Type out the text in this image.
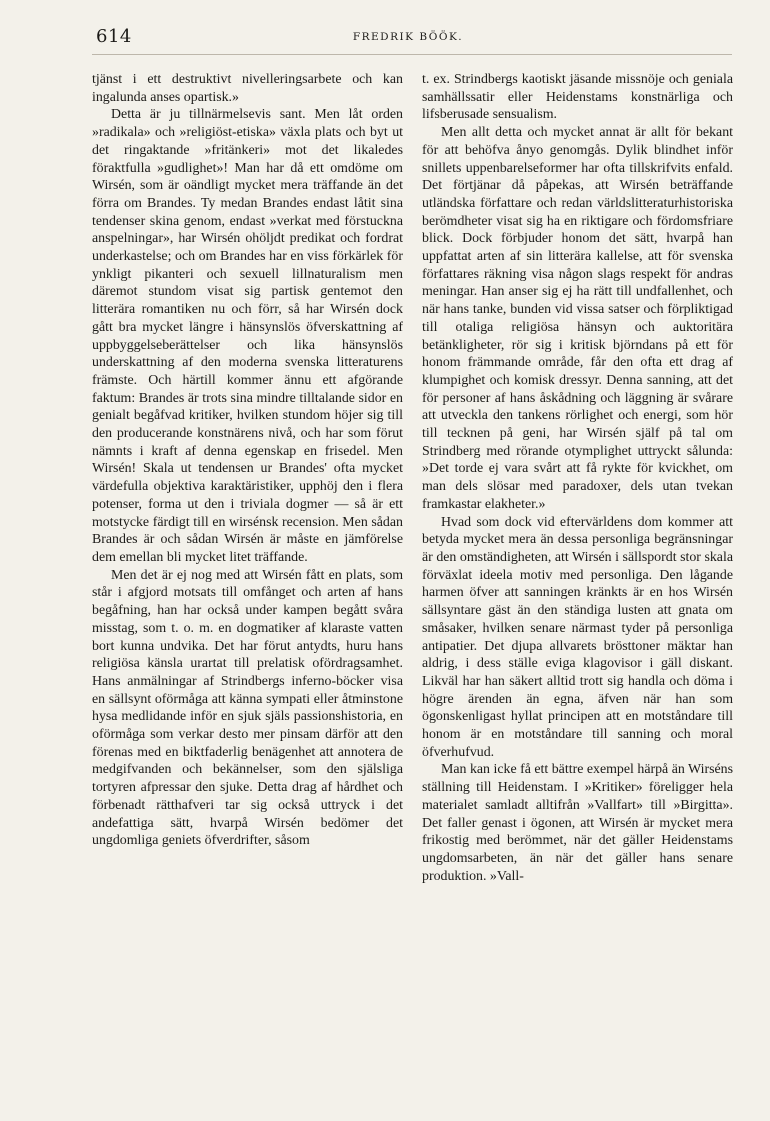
614	FREDRIK BÖÖK.

tjänst i ett destruktivt nivelleringsarbete och kan ingalunda anses opartisk.»

Detta är ju tillnärmelsevis sant. Men låt orden »radikala» och »religiöst-etiska» växla plats och byt ut det ringaktande »fritänkeri» mot det likaledes föraktfulla »gudlighet»! Man har då ett omdöme om Wirsén, som är oändligt mycket mera träffande än det förra om Brandes. Ty medan Brandes endast låtit sina tendenser skina genom, endast »verkat med förstuckna anspelningar», har Wirsén ohöljdt predikat och fordrat underkastelse; och om Brandes har en viss förkärlek för ynkligt pikanteri och sexuell lillnaturalism men däremot stundom visat sig partisk gentemot den litterära romantiken nu och förr, så har Wirsén dock gått bra mycket längre i hänsynslös öfverskattning af uppbyggelseberättelser och lika hänsynslös underskattning af den moderna svenska litteraturens främste. Och härtill kommer ännu ett afgörande faktum: Brandes är trots sina mindre tilltalande sidor en genialt begåfvad kritiker, hvilken stundom höjer sig till den producerande konstnärens nivå, och har som förut nämnts i kraft af denna egenskap en frisedel. Men Wirsén! Skala ut tendensen ur Brandes' ofta mycket värdefulla objektiva karaktäristiker, upphöj den i flera potenser, forma ut den i triviala dogmer — så är ett motstycke färdigt till en wirsénsk recension. Men sådan Brandes är och sådan Wirsén är måste en jämförelse dem emellan bli mycket litet träffande.

Men det är ej nog med att Wirsén fått en plats, som står i afgjord motsats till omfånget och arten af hans begåfning, han har också under kampen begått svåra misstag, som t. o. m. en dogmatiker af klaraste vatten bort kunna undvika. Det har förut antydts, huru hans religiösa känsla urartat till prelatisk ofördragsamhet. Hans anmälningar af Strindbergs inferno-böcker visa en sällsynt oförmåga att känna sympati eller åtminstone hysa medlidande inför en sjuk själs passionshistoria, en oförmåga som verkar desto mer pinsam därför att den förenas med en biktfaderlig benägenhet att annotera de medgifvanden och bekännelser, som den själsliga tortyren afpressar den sjuke. Detta drag af hårdhet och förbenadt rätthafveri tar sig också uttryck i det andefattiga sätt, hvarpå Wirsén bedömer det ungdomliga geniets öfverdrifter, såsom

t. ex. Strindbergs kaotiskt jäsande missnöje och geniala samhällssatir eller Heidenstams konstnärliga och lifsberusade sensualism.

Men allt detta och mycket annat är allt för bekant för att behöfva ånyo genomgås. Dylik blindhet inför snillets uppenbarelseformer har ofta tillskrifvits enfald. Det förtjänar då påpekas, att Wirsén beträffande utländska författare och redan världslitteraturhistoriska berömdheter visat sig ha en riktigare och fördomsfriare blick. Dock förbjuder honom det sätt, hvarpå han uppfattat arten af sin litterära kallelse, att för svenska författares räkning visa någon slags respekt för andras meningar. Han anser sig ej ha rätt till undfallenhet, och när hans tanke, bunden vid vissa satser och förpliktigad till otaliga religiösa hänsyn och auktoritära betänkligheter, rör sig i kritisk björndans på ett för honom främmande område, får den ofta ett drag af klumpighet och komisk dressyr. Denna sanning, att det för personer af hans åskådning och läggning är svårare att utveckla den tankens rörlighet och energi, som hör till tecknen på geni, har Wirsén själf på tal om Strindberg med rörande otymplighet uttryckt sålunda: »Det torde ej vara svårt att få rykte för kvickhet, om man dels slösar med paradoxer, dels utan tvekan framkastar elakheter.»

Hvad som dock vid eftervärldens dom kommer att betyda mycket mera än dessa personliga begränsningar är den omständigheten, att Wirsén i sällspordt stor skala förväxlat ideela motiv med personliga. Den lågande harmen öfver att sanningen kränkts är en hos Wirsén sällsyntare gäst än den ständiga lusten att gnata om småsaker, hvilken senare närmast tyder på personliga antipatier. Det djupa allvarets brösttoner mäktar han aldrig, i dess ställe eviga klagovisor i gäll diskant. Likväl har han säkert alltid trott sig handla och döma i högre ärenden än egna, äfven när han som ögonskenligast hyllat principen att en motståndare till honom är en motståndare till sanning och moral öfverhufvud.

Man kan icke få ett bättre exempel härpå än Wirséns ställning till Heidenstam. I »Kritiker» föreligger hela materialet samladt alltifrån »Vallfart» till »Birgitta». Det faller genast i ögonen, att Wirsén är mycket mera frikostig med berömmet, när det gäller Heidenstams ungdomsarbeten, än när det gäller hans senare produktion. »Vall-
